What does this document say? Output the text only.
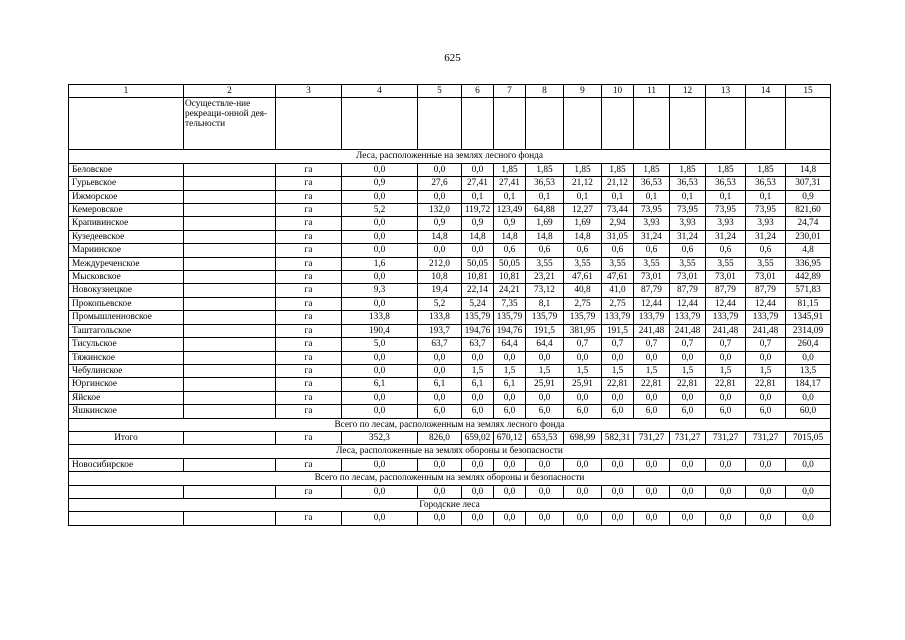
625
1	2	3	4	5	6	7	8	9	10	11	12	13	14	15
	Осуществле-ние рекреаци-онной дея-тельности													
Леса, расположенные на землях лесного фонда														
Беловское		га	0,0	0,0	0,0	1,85	1,85	1,85	1,85	1,85	1,85	1,85	1,85	14,8
Гурьевское		га	0,9	27,6	27,41	27,41	36,53	21,12	21,12	36,53	36,53	36,53	36,53	307,31
Ижморское		га	0,0	0,0	0,1	0,1	0,1	0,1	0,1	0,1	0,1	0,1	0,1	0,9
Кемеровское		га	5,2	132,0	119,72	123,49	64,88	12,27	73,44	73,95	73,95	73,95	73,95	821,60
Крапивинское		га	0,0	0,9	0,9	0,9	1,69	1,69	2,94	3,93	3,93	3,93	3,93	24,74
Кузедеевское		га	0,0	14,8	14,8	14,8	14,8	14,8	31,05	31,24	31,24	31,24	31,24	230,01
Мариинское		га	0,0	0,0	0,0	0,6	0,6	0,6	0,6	0,6	0,6	0,6	0,6	4,8
Междуреченское		га	1,6	212,0	50,05	50,05	3,55	3,55	3,55	3,55	3,55	3,55	3,55	336,95
Мысковское		га	0,0	10,8	10,81	10,81	23,21	47,61	47,61	73,01	73,01	73,01	73,01	442,89
Новокузнецкое		га	9,3	19,4	22,14	24,21	73,12	40,8	41,0	87,79	87,79	87,79	87,79	571,83
Прокопьевское		га	0,0	5,2	5,24	7,35	8,1	2,75	2,75	12,44	12,44	12,44	12,44	81,15
Промышленновское		га	133,8	133,8	135,79	135,79	135,79	135,79	133,79	133,79	133,79	133,79	133,79	1345,91
Таштагольское		га	190,4	193,7	194,76	194,76	191,5	381,95	191,5	241,48	241,48	241,48	241,48	2314,09
Тисульское		га	5,0	63,7	63,7	64,4	64,4	0,7	0,7	0,7	0,7	0,7	0,7	260,4
Тяжинское		га	0,0	0,0	0,0	0,0	0,0	0,0	0,0	0,0	0,0	0,0	0,0	0,0
Чебулинское		га	0,0	0,0	1,5	1,5	1,5	1,5	1,5	1,5	1,5	1,5	1,5	13,5
Юргинское		га	6,1	6,1	6,1	6,1	25,91	25,91	22,81	22,81	22,81	22,81	22,81	184,17
Яйское		га	0,0	0,0	0,0	0,0	0,0	0,0	0,0	0,0	0,0	0,0	0,0	0,0
Яшкинское		га	0,0	6,0	6,0	6,0	6,0	6,0	6,0	6,0	6,0	6,0	6,0	60,0
Всего по лесам, расположенным на землях лесного фонда														
Итого		га	352,3	826,0	659,02	670,12	653,53	698,99	582,31	731,27	731,27	731,27	731,27	7015,05
Леса, расположенные на землях обороны и безопасности														
Новосибирское		га	0,0	0,0	0,0	0,0	0,0	0,0	0,0	0,0	0,0	0,0	0,0	0,0
Всего по лесам, расположенным на землях обороны и безопасности														
		га	0,0	0,0	0,0	0,0	0,0	0,0	0,0	0,0	0,0	0,0	0,0	0,0
Городские леса														
		га	0,0	0,0	0,0	0,0	0,0	0,0	0,0	0,0	0,0	0,0	0,0	0,0
